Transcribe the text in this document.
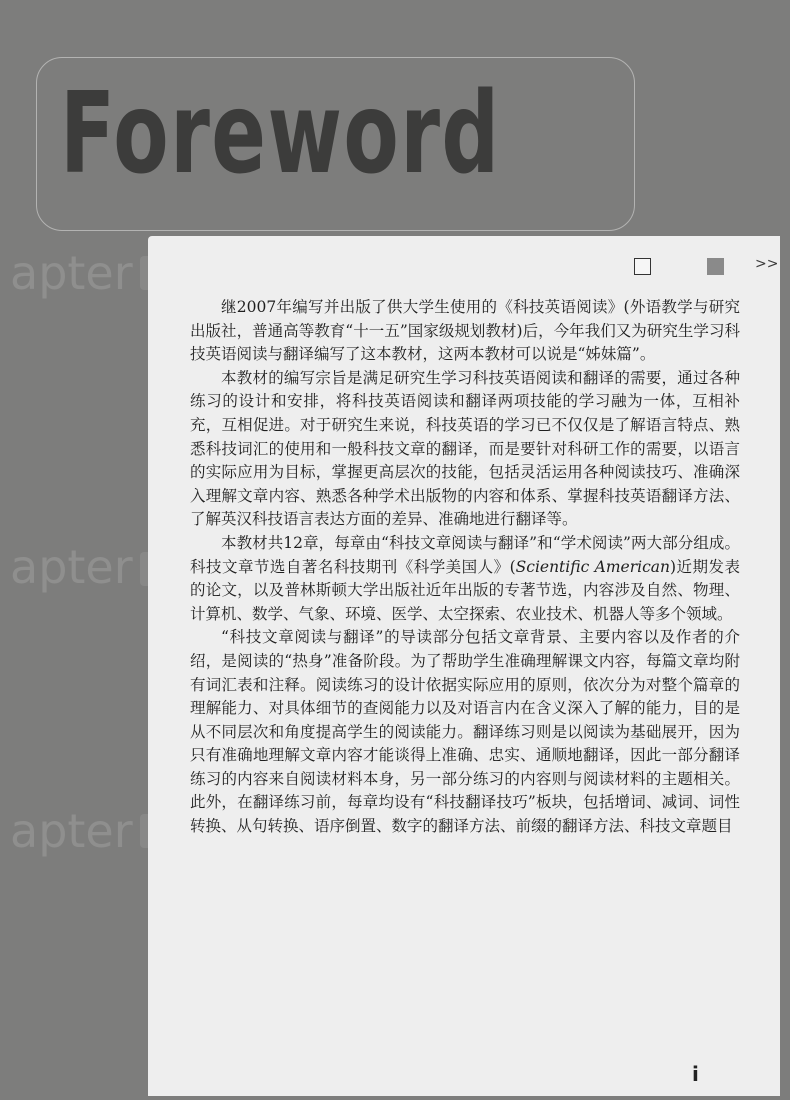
Foreword
apter
apter
apter
>>

继2007年编写并出版了供大学生使用的《科技英语阅读》(外语教学与研究出版社，普通高等教育“十一五”国家级规划教材)后，今年我们又为研究生学习科技英语阅读与翻译编写了这本教材，这两本教材可以说是“姊妹篇”。

本教材的编写宗旨是满足研究生学习科技英语阅读和翻译的需要，通过各种练习的设计和安排，将科技英语阅读和翻译两项技能的学习融为一体，互相补充，互相促进。对于研究生来说，科技英语的学习已不仅仅是了解语言特点、熟悉科技词汇的使用和一般科技文章的翻译，而是要针对科研工作的需要，以语言的实际应用为目标，掌握更高层次的技能，包括灵活运用各种阅读技巧、准确深入理解文章内容、熟悉各种学术出版物的内容和体系、掌握科技英语翻译方法、了解英汉科技语言表达方面的差异、准确地进行翻译等。

本教材共12章，每章由“科技文章阅读与翻译”和“学术阅读”两大部分组成。科技文章节选自著名科技期刊《科学美国人》(Scientific American)近期发表的论文，以及普林斯顿大学出版社近年出版的专著节选，内容涉及自然、物理、计算机、数学、气象、环境、医学、太空探索、农业技术、机器人等多个领域。

“科技文章阅读与翻译”的导读部分包括文章背景、主要内容以及作者的介绍，是阅读的“热身”准备阶段。为了帮助学生准确理解课文内容，每篇文章均附有词汇表和注释。阅读练习的设计依据实际应用的原则，依次分为对整个篇章的理解能力、对具体细节的查阅能力以及对语言内在含义深入了解的能力，目的是从不同层次和角度提高学生的阅读能力。翻译练习则是以阅读为基础展开，因为只有准确地理解文章内容才能谈得上准确、忠实、通顺地翻译，因此一部分翻译练习的内容来自阅读材料本身，另一部分练习的内容则与阅读材料的主题相关。此外，在翻译练习前，每章均设有“科技翻译技巧”板块，包括增词、减词、词性转换、从句转换、语序倒置、数字的翻译方法、前缀的翻译方法、科技文章题目

i
